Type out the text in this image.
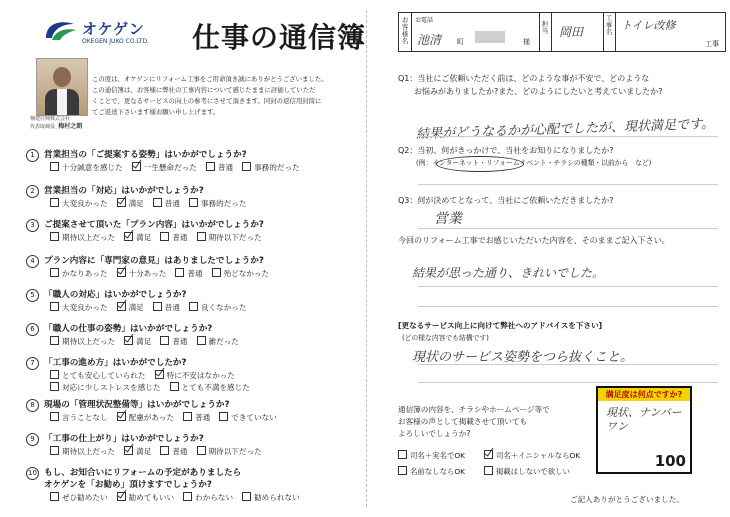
オケゲン
OKEGEN JUKO CO.LTD. 仕事の通信簿
桶建住興株式会社
代表取締役 梅村之朗
この度は、オケゲンにリフォーム工事をご用命頂き誠にありがとうございました。
この通信簿は、お客様に弊社の工事内容について感じたままに評価していただ
くことで、更なるサービスの向上の参考にさせて頂きます。同封の返信用封筒に
てご返送下さいます様お願い申し上げます。
1 営業担当の「ご提案する姿勢」はいかがでしょうか?
十分誠意を感じた	一生懸命だった	普通	事務的だった
2 営業担当の「対応」はいかがでしょうか?
大変良かった	満足	普通	事務的だった
3 ご提案させて頂いた「プラン内容」はいかがでしょうか?
期待以上だった	満足	普通	期待以下だった
4 プラン内容に「専門家の意見」はありましたでしょうか?
かなりあった	十分あった	普通	殆どなかった
5 「職人の対応」はいかがでしょうか?
大変良かった	満足	普通	良くなかった
6 「職人の仕事の姿勢」はいかがでしょうか?
期待以上だった	満足	普通	雑だった
7 「工事の進め方」はいかがでしたか?
とても安心していられた	特に不安はなかった
対応に少しストレスを感じた	とても不満を感じた
8 現場の「管理状況整備等」はいかがでしょうか?
言うことなし	配慮があった	普通	できていない
9 「工事の仕上がり」はいかがでしょうか?
期待以上だった	満足	普通	期待以下だった
10 もし、お知合いにリフォームの予定がありましたら
オケゲンを「お勧め」頂けますでしょうか?
ぜひ勧めたい	勧めてもいい	わからない	勧められない
お客様名
お電話
池清 町	様
担当 岡田
工事名 トイレ改修
工事
Q1：当社にご依頼いただく前は、どのような事が不安で、どのような
お悩みがありましたか?また、どのようにしたいと考えていましたか?
結果がどうなるかが心配でしたが、現状満足です。
Q2：当初、何がきっかけで、当社をお知りになりましたか?
(例：インターネット・リフォームイベント・チラシの種類・以前から　など)
Q3：何が決めてとなって、当社にご依頼いただきましたか?
営業
今回のリフォーム工事でお感じいただいた内容を、そのままご記入下さい。
結果が思った通り、きれいでした。
[更なるサービス向上に向けて弊社へのアドバイスを下さい]
(どの様な内容でも結構です)
現状のサービス姿勢をつら抜くこと。
通信簿の内容を、チラシやホームページ等で
お客様の声として掲載させて頂いても
よろしいでしょうか?
司名＋実名でOK	司名＋イニシャルならOK
名前なしならOK	掲載はしないで欲しい
満足度は何点ですか?
現状、ナンバーワン
100
ご記入ありがとうございました。
